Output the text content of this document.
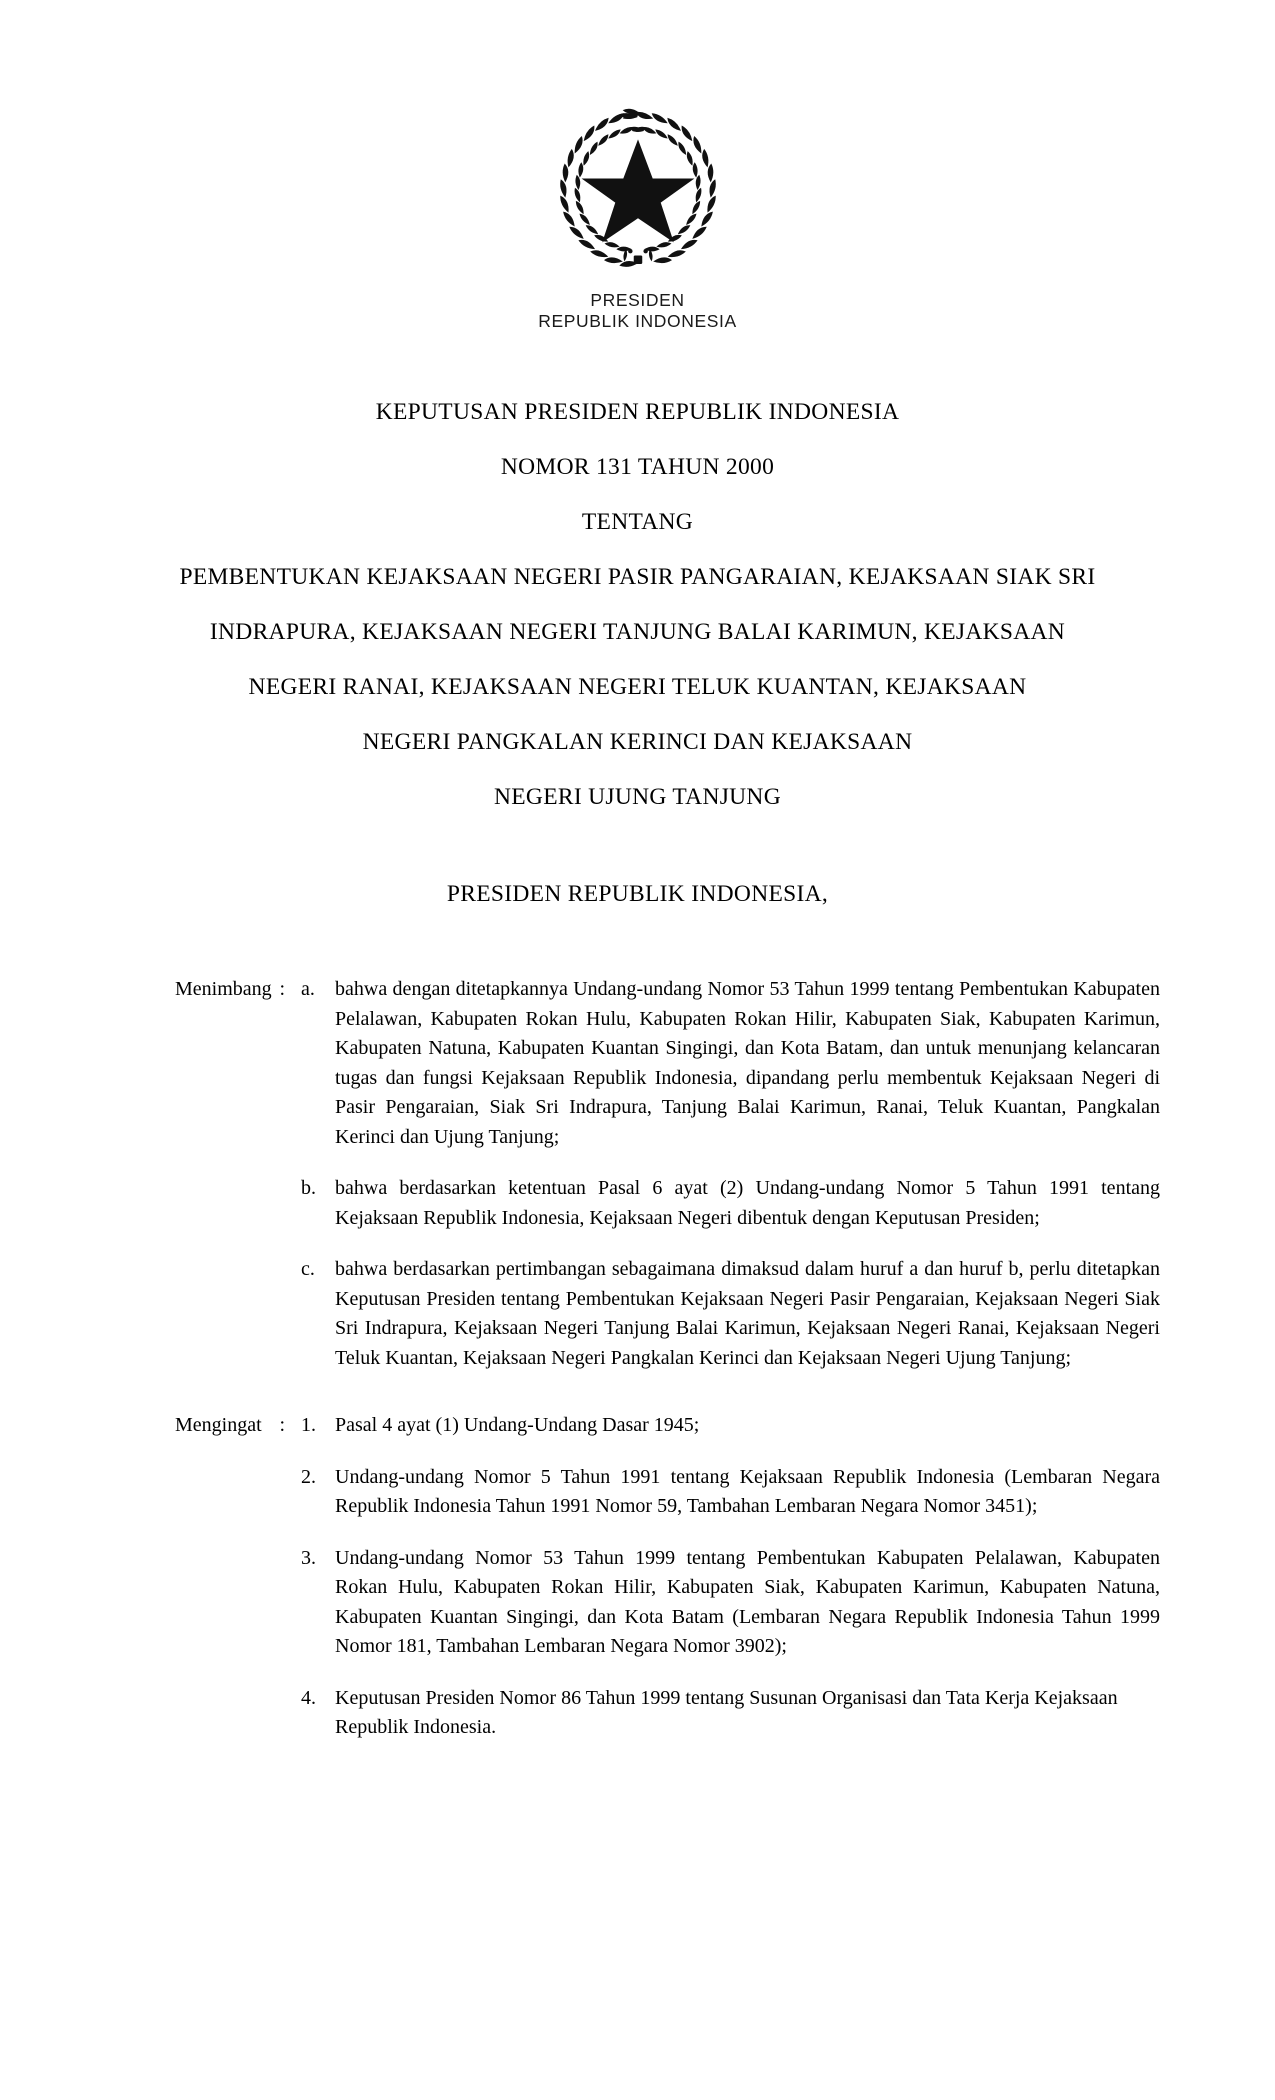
PRESIDEN
REPUBLIK INDONESIA
KEPUTUSAN PRESIDEN REPUBLIK INDONESIA
NOMOR 131 TAHUN 2000
TENTANG
PEMBENTUKAN KEJAKSAAN NEGERI PASIR PANGARAIAN, KEJAKSAAN SIAK SRI
INDRAPURA, KEJAKSAAN NEGERI TANJUNG BALAI KARIMUN, KEJAKSAAN
NEGERI RANAI, KEJAKSAAN NEGERI TELUK KUANTAN, KEJAKSAAN
NEGERI PANGKALAN KERINCI DAN KEJAKSAAN
NEGERI UJUNG TANJUNG
PRESIDEN REPUBLIK INDONESIA,
Menimbang : a.	bahwa dengan ditetapkannya Undang-undang Nomor 53 Tahun 1999 tentang Pembentukan Kabupaten Pelalawan, Kabupaten Rokan Hulu, Kabupaten Rokan Hilir, Kabupaten Siak, Kabupaten Karimun, Kabupaten Natuna, Kabupaten Kuantan Singingi, dan Kota Batam, dan untuk menunjang kelancaran tugas dan fungsi Kejaksaan Republik Indonesia, dipandang perlu membentuk Kejaksaan Negeri di Pasir Pengaraian, Siak Sri Indrapura, Tanjung Balai Karimun, Ranai, Teluk Kuantan, Pangkalan Kerinci dan Ujung Tanjung;
b. bahwa berdasarkan ketentuan Pasal 6 ayat (2) Undang-undang Nomor 5 Tahun 1991 tentang Kejaksaan Republik Indonesia, Kejaksaan Negeri dibentuk dengan Keputusan Presiden;
c.	bahwa berdasarkan pertimbangan sebagaimana dimaksud dalam huruf a dan huruf b, perlu ditetapkan Keputusan Presiden tentang Pembentukan Kejaksaan Negeri Pasir Pengaraian, Kejaksaan Negeri Siak Sri Indrapura, Kejaksaan Negeri Tanjung Balai Karimun, Kejaksaan Negeri Ranai, Kejaksaan Negeri Teluk Kuantan, Kejaksaan Negeri Pangkalan Kerinci dan Kejaksaan Negeri Ujung Tanjung;
Mengingat : 1. Pasal 4 ayat (1) Undang-Undang Dasar 1945;
2. Undang-undang Nomor 5 Tahun 1991 tentang Kejaksaan Republik Indonesia (Lembaran Negara Republik Indonesia Tahun 1991 Nomor 59, Tambahan Lembaran Negara Nomor 3451);
3. Undang-undang Nomor 53 Tahun 1999 tentang Pembentukan Kabupaten Pelalawan, Kabupaten Rokan Hulu, Kabupaten Rokan Hilir, Kabupaten Siak, Kabupaten Karimun, Kabupaten Natuna, Kabupaten Kuantan Singingi, dan Kota Batam (Lembaran Negara Republik Indonesia Tahun 1999 Nomor 181, Tambahan Lembaran Negara Nomor 3902);
4. Keputusan Presiden Nomor 86 Tahun 1999 tentang Susunan Organisasi dan Tata Kerja Kejaksaan Republik Indonesia.
